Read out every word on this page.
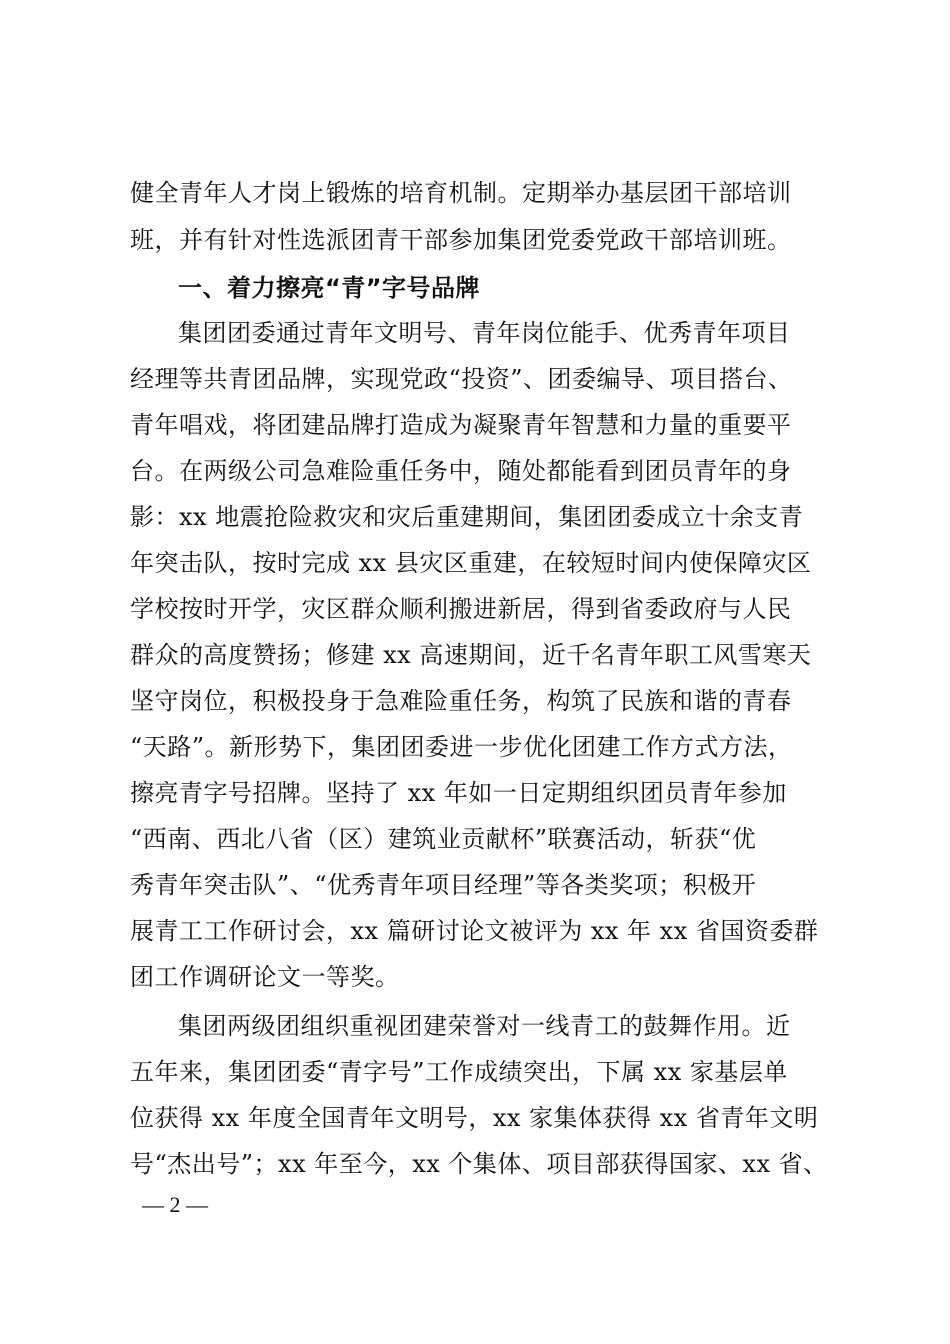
健全青年人才岗上锻炼的培育机制。定期举办基层团干部培训
班，并有针对性选派团青干部参加集团党委党政干部培训班。
一、着力擦亮“青”字号品牌
集团团委通过青年文明号、青年岗位能手、优秀青年项目
经理等共青团品牌，实现党政“投资”、团委编导、项目搭台、
青年唱戏，将团建品牌打造成为凝聚青年智慧和力量的重要平
台。在两级公司急难险重任务中，随处都能看到团员青年的身
影：xx 地震抢险救灾和灾后重建期间，集团团委成立十余支青
年突击队，按时完成 xx 县灾区重建，在较短时间内使保障灾区
学校按时开学，灾区群众顺利搬进新居，得到省委政府与人民
群众的高度赞扬；修建 xx 高速期间，近千名青年职工风雪寒天
坚守岗位，积极投身于急难险重任务，构筑了民族和谐的青春
“天路”。新形势下，集团团委进一步优化团建工作方式方法，
擦亮青字号招牌。坚持了 xx 年如一日定期组织团员青年参加
“西南、西北八省（区）建筑业贡献杯”联赛活动，斩获“优
秀青年突击队”、“优秀青年项目经理”等各类奖项；积极开
展青工工作研讨会，xx 篇研讨论文被评为 xx 年 xx 省国资委群
团工作调研论文一等奖。
集团两级团组织重视团建荣誉对一线青工的鼓舞作用。近
五年来，集团团委“青字号”工作成绩突出，下属 xx 家基层单
位获得 xx 年度全国青年文明号，xx 家集体获得 xx 省青年文明
号“杰出号”；xx 年至今，xx 个集体、项目部获得国家、xx 省、
— 2 —
